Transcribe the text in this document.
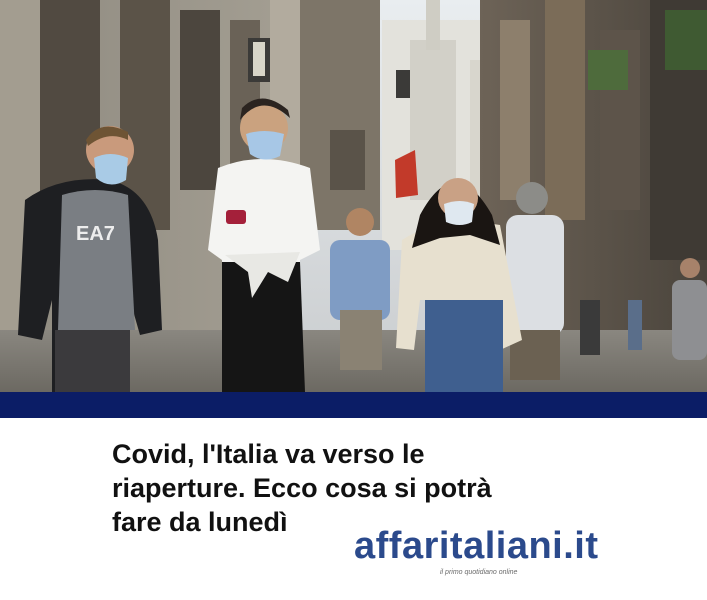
EA7
Covid, l'Italia va verso le
riaperture. Ecco cosa si potrà
fare da lunedì
affaritaliani.it
il primo quotidiano online
